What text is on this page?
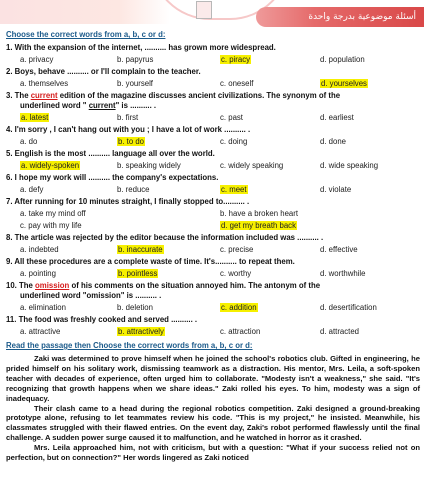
أسئلة موضوعية بدرجة واحدة
Choose the correct words from a, b, c or d:
1. With the expansion of the internet, .......... has grown more widespread.
a. privacy	b. papyrus	c. piracy	d. population
2. Boys, behave .......... or I'll complain to the teacher.
a. themselves	b. yourself	c. oneself	d. yourselves
3. The current edition of the magazine discusses ancient civilizations. The synonym of the
underlined word " current" is .......... .
a. latest	b. first	c. past	d. earliest
4. I'm sorry , I can't hang out with you ; I have a lot of work .......... .
a. do	b. to do	c. doing	d. done
5. English is the most .......... language all over the world.
a. widely-spoken	b. speaking widely	c. widely speaking	d. wide speaking
6. I hope my work will .......... the company's expectations.
a. defy	b. reduce	c. meet	d. violate
7. After running for 10 minutes straight, I finally stopped to.......... .
a. take my mind off	b. have a broken heart
c. pay with my life	d. get my breath back
8. The article was rejected by the editor because the information included was .......... .
a. indebted	b. inaccurate	c. precise	d. effective
9. All these procedures are a complete waste of time. It's.......... to repeat them.
a. pointing	b. pointless	c. worthy	d. worthwhile
10. The omission of his comments on the situation annoyed him. The antonym of the
underlined word "omission" is .......... .
a. elimination	b. deletion	c. addition	d. desertification
11. The food was freshly cooked and served .......... .
a. attractive	b. attractively	c. attraction	d. attracted
Read the passage then Choose the correct words from a, b, c or d:

Zaki was determined to prove himself when he joined the school's robotics club. Gifted in engineering, he prided himself on his solitary work, dismissing teamwork as a distraction. His mentor, Mrs. Leila, a soft-spoken teacher with decades of experience, often urged him to collaborate. "Modesty isn't a weakness," she said. "It's recognizing that growth happens when we share ideas." Zaki rolled his eyes. To him, modesty was a sign of inadequacy.

Their clash came to a head during the regional robotics competition. Zaki designed a ground-breaking prototype alone, refusing to let teammates review his code. "This is my project," he insisted. Meanwhile, his classmates struggled with their flawed entries. On the event day, Zaki's robot performed flawlessly until the final challenge. A sudden power surge caused it to malfunction, and he watched in horror as it crashed.

Mrs. Leila approached him, not with criticism, but with a question: "What if your success relied not on perfection, but on connection?" Her words lingered as Zaki noticed
